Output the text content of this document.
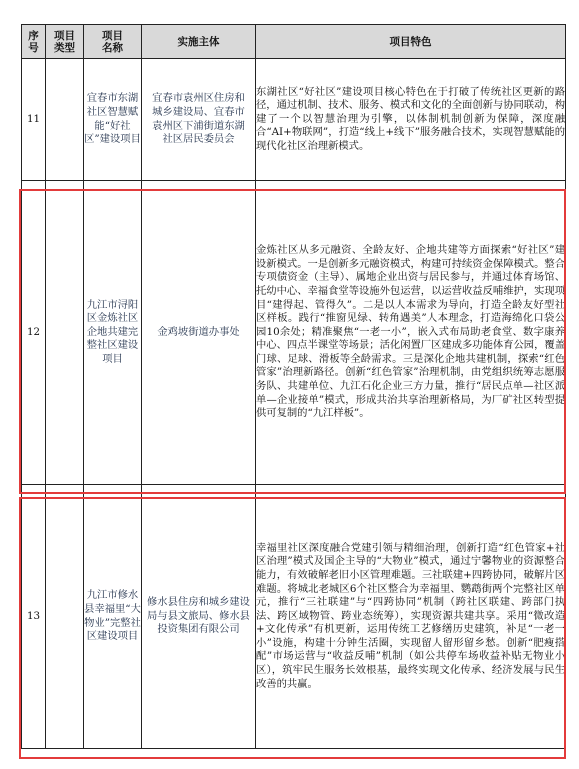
序号	项目类型	项目名称	实施主体	项目特色
11		宜春市东湖社区智慧赋能“好社区”建设项目	宜春市袁州区住房和城乡建设局、宜春市袁州区下浦街道东湖社区居民委员会	东湖社区“好社区”建设项目核心特色在于打破了传统社区更新的路径，通过机制、技术、服务、模式和文化的全面创新与协同联动，构建了一个以智慧治理为引擎，以体制机制创新为保障，深度融合“AI+物联网”，打造“线上+线下”服务融合技术，实现智慧赋能的现代化社区治理新模式。
12		九江市浔阳区金炼社区企地共建完整社区建设项目	金鸡坡街道办事处	金炼社区从多元融资、全龄友好、企地共建等方面探索“好社区”建设新模式。一是创新多元融资模式，构建可持续资金保障模式。整合专项债资金（主导）、属地企业出资与居民参与，并通过体育场馆、托幼中心、幸福食堂等设施外包运营，以运营收益反哺维护，实现项目“建得起、管得久”。二是以人本需求为导向，打造全龄友好型社区样板。践行“推窗见绿、转角遇美”人本理念，打造海绵化口袋公园10余处；精准聚焦“一老一小”，嵌入式布局助老食堂、数字康养中心、四点半课堂等场景；活化闲置厂区建成多功能体育公园，覆盖门球、足球、滑板等全龄需求。三是深化企地共建机制，探索“红色管家”治理新路径。创新“红色管家”治理机制，由党组织统筹志愿服务队、共建单位、九江石化企业三方力量，推行“居民点单—社区派单—企业接单”模式，形成共治共享治理新格局，为厂矿社区转型提供可复制的“九江样板”。
13		九江市修水县幸福里“大物业”完整社区建设项目	修水县住房和城乡建设局与县文旅局、修水县投资集团有限公司	幸福里社区深度融合党建引领与精细治理，创新打造“红色管家+社区治理”模式及国企主导的“大物业”模式，通过宁馨物业的资源整合能力，有效破解老旧小区管理难题。三社联建+四跨协同，破解片区难题。将城北老城区6个社区整合为幸福里、鹦鹉街两个完整社区单元，推行“三社联建”与“四跨协同”机制（跨社区联建、跨部门执法、跨区域物管、跨业态统筹），实现资源共建共享。采用“微改造+文化传承”有机更新，运用传统工艺修缮历史建筑，补足“一老一小”设施，构建十分钟生活圈，实现留人留形留乡愁。创新“肥瘦搭配”市场运营与“收益反哺”机制（如公共停车场收益补贴无物业小区），筑牢民生服务长效根基，最终实现文化传承、经济发展与民生改善的共赢。
